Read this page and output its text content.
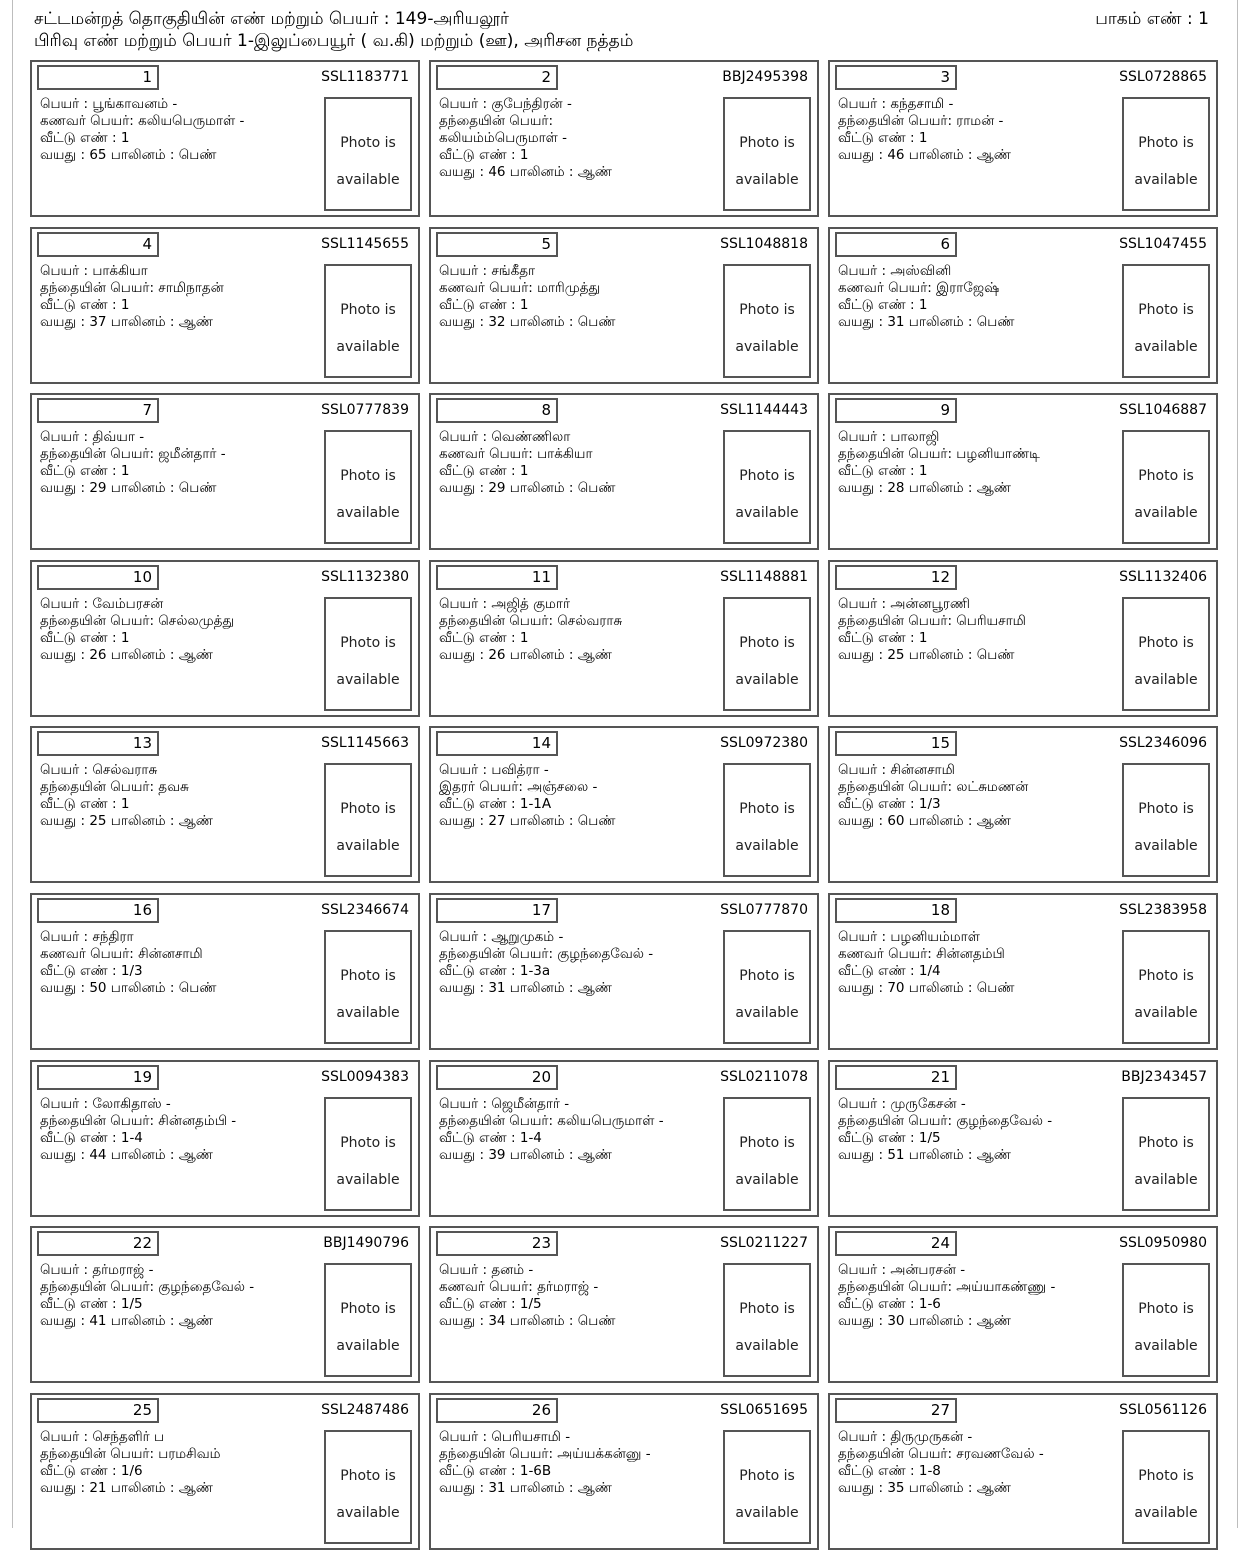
சட்டமன்றத் தொகுதியின் எண் மற்றும் பெயர் : 149-அரியலூர்
பிரிவு எண் மற்றும் பெயர் 1-இலுப்பையூர் ( வ.கி) மற்றும் (ஊ), அரிசன நத்தம்
பாகம் எண் : 1
1	SSL1183771
பெயர் : பூங்காவனம் -
கணவர் பெயர்: கலியபெருமாள் -
வீட்டு எண் : 1
வயது : 65 பாலினம் : பெண்
Photo is
available
2	BBJ2495398
பெயர் : குபேந்திரன் -
தந்தையின் பெயர்:
கலியம்ம்பெருமாள் -
வீட்டு எண் : 1
வயது : 46 பாலினம் : ஆண்
Photo is
available
3	SSL0728865
பெயர் : கந்தசாமி -
தந்தையின் பெயர்: ராமன் -
வீட்டு எண் : 1
வயது : 46 பாலினம் : ஆண்
Photo is
available
4	SSL1145655
பெயர் : பாக்கியா
தந்தையின் பெயர்: சாமிநாதன்
வீட்டு எண் : 1
வயது : 37 பாலினம் : ஆண்
Photo is
available
5	SSL1048818
பெயர் : சங்கீதா
கணவர் பெயர்: மாரிமுத்து
வீட்டு எண் : 1
வயது : 32 பாலினம் : பெண்
Photo is
available
6	SSL1047455
பெயர் : அஸ்வினி
கணவர் பெயர்: இராஜேஷ்
வீட்டு எண் : 1
வயது : 31 பாலினம் : பெண்
Photo is
available
7	SSL0777839
பெயர் : திவ்யா -
தந்தையின் பெயர்: ஜமீன்தார் -
வீட்டு எண் : 1
வயது : 29 பாலினம் : பெண்
Photo is
available
8	SSL1144443
பெயர் : வெண்ணிலா
கணவர் பெயர்: பாக்கியா
வீட்டு எண் : 1
வயது : 29 பாலினம் : பெண்
Photo is
available
9	SSL1046887
பெயர் : பாலாஜி
தந்தையின் பெயர்: பழனியாண்டி
வீட்டு எண் : 1
வயது : 28 பாலினம் : ஆண்
Photo is
available
10	SSL1132380
பெயர் : வேம்பரசன்
தந்தையின் பெயர்: செல்லமுத்து
வீட்டு எண் : 1
வயது : 26 பாலினம் : ஆண்
Photo is
available
11	SSL1148881
பெயர் : அஜித் குமார்
தந்தையின் பெயர்: செல்வராசு
வீட்டு எண் : 1
வயது : 26 பாலினம் : ஆண்
Photo is
available
12	SSL1132406
பெயர் : அன்னபூரணி
தந்தையின் பெயர்: பெரியசாமி
வீட்டு எண் : 1
வயது : 25 பாலினம் : பெண்
Photo is
available
13	SSL1145663
பெயர் : செல்வராசு
தந்தையின் பெயர்: தவசு
வீட்டு எண் : 1
வயது : 25 பாலினம் : ஆண்
Photo is
available
14	SSL0972380
பெயர் : பவித்ரா -
இதரர் பெயர்: அஞ்சலை -
வீட்டு எண் : 1-1A
வயது : 27 பாலினம் : பெண்
Photo is
available
15	SSL2346096
பெயர் : சின்னசாமி
தந்தையின் பெயர்: லட்சுமணன்
வீட்டு எண் : 1/3
வயது : 60 பாலினம் : ஆண்
Photo is
available
16	SSL2346674
பெயர் : சந்திரா
கணவர் பெயர்: சின்னசாமி
வீட்டு எண் : 1/3
வயது : 50 பாலினம் : பெண்
Photo is
available
17	SSL0777870
பெயர் : ஆறுமுகம் -
தந்தையின் பெயர்: குழந்தைவேல் -
வீட்டு எண் : 1-3a
வயது : 31 பாலினம் : ஆண்
Photo is
available
18	SSL2383958
பெயர் : பழனியம்மாள்
கணவர் பெயர்: சின்னதம்பி
வீட்டு எண் : 1/4
வயது : 70 பாலினம் : பெண்
Photo is
available
19	SSL0094383
பெயர் : லோகிதாஸ் -
தந்தையின் பெயர்: சின்னதம்பி -
வீட்டு எண் : 1-4
வயது : 44 பாலினம் : ஆண்
Photo is
available
20	SSL0211078
பெயர் : ஜெமீன்தார் -
தந்தையின் பெயர்: கலியபெருமாள் -
வீட்டு எண் : 1-4
வயது : 39 பாலினம் : ஆண்
Photo is
available
21	BBJ2343457
பெயர் : முருகேசன் -
தந்தையின் பெயர்: குழந்தைவேல் -
வீட்டு எண் : 1/5
வயது : 51 பாலினம் : ஆண்
Photo is
available
22	BBJ1490796
பெயர் : தர்மராஜ் -
தந்தையின் பெயர்: குழந்தைவேல் -
வீட்டு எண் : 1/5
வயது : 41 பாலினம் : ஆண்
Photo is
available
23	SSL0211227
பெயர் : தனம் -
கணவர் பெயர்: தர்மராஜ் -
வீட்டு எண் : 1/5
வயது : 34 பாலினம் : பெண்
Photo is
available
24	SSL0950980
பெயர் : அன்பரசன் -
தந்தையின் பெயர்: அய்யாகண்ணு -
வீட்டு எண் : 1-6
வயது : 30 பாலினம் : ஆண்
Photo is
available
25	SSL2487486
பெயர் : செந்தளிர் ப
தந்தையின் பெயர்: பரமசிவம்
வீட்டு எண் : 1/6
வயது : 21 பாலினம் : ஆண்
Photo is
available
26	SSL0651695
பெயர் : பெரியசாமி -
தந்தையின் பெயர்: அய்யக்கன்னு -
வீட்டு எண் : 1-6B
வயது : 31 பாலினம் : ஆண்
Photo is
available
27	SSL0561126
பெயர் : திருமுருகன் -
தந்தையின் பெயர்: சரவணவேல் -
வீட்டு எண் : 1-8
வயது : 35 பாலினம் : ஆண்
Photo is
available
